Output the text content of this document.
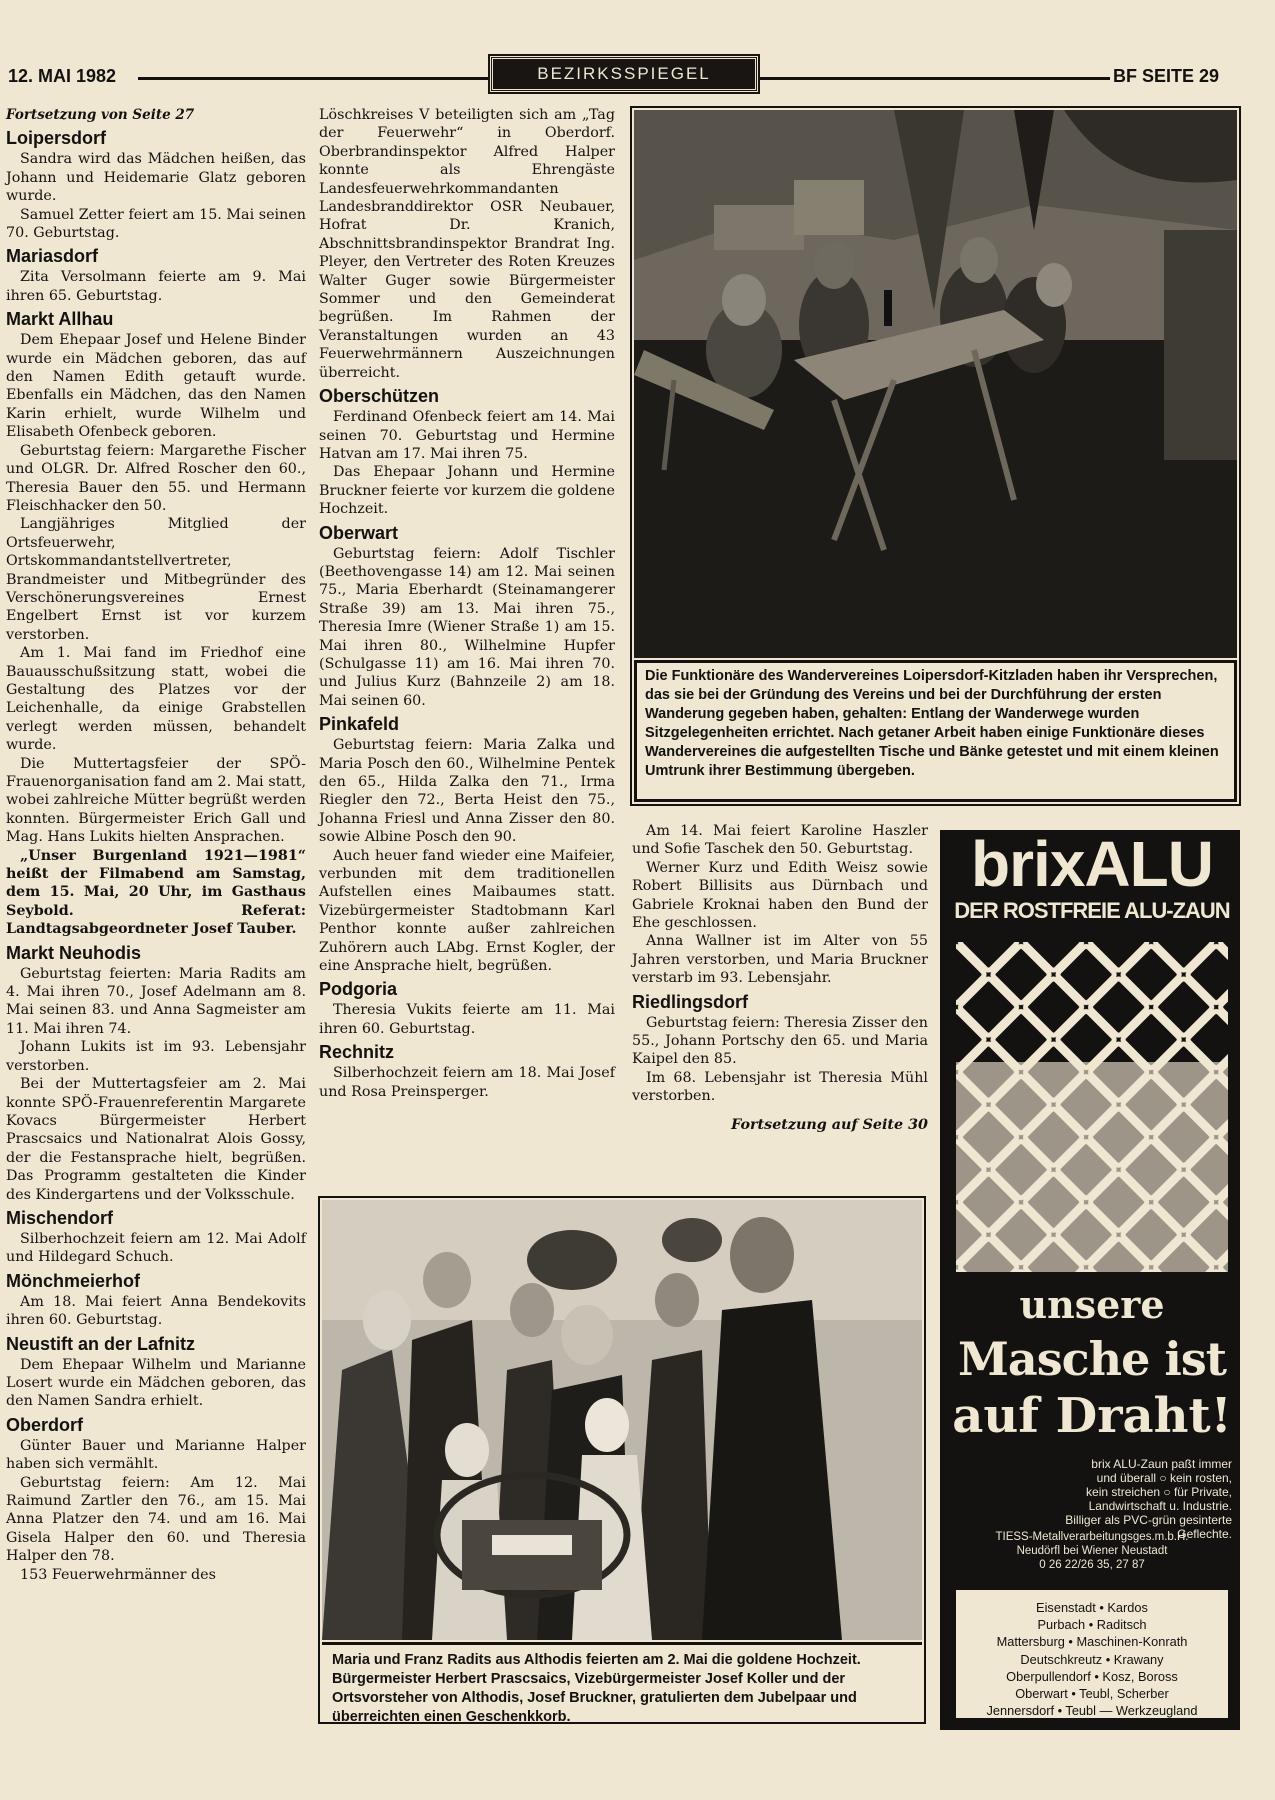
12. MAI 1982	BEZIRKSSPIEGEL	BF SEITE 29

Fortsetzung von Seite 27

Loipersdorf

Sandra wird das Mädchen heißen, das Johann und Heidemarie Glatz geboren wurde.

Samuel Zetter feiert am 15. Mai seinen 70. Geburtstag.

Mariasdorf

Zita Versolmann feierte am 9. Mai ihren 65. Geburtstag.

Markt Allhau

Dem Ehepaar Josef und Helene Binder wurde ein Mädchen geboren, das auf den Namen Edith getauft wurde. Ebenfalls ein Mädchen, das den Namen Karin erhielt, wurde Wilhelm und Elisabeth Ofenbeck geboren.

Geburtstag feiern: Margarethe Fischer und OLGR. Dr. Alfred Roscher den 60., Theresia Bauer den 55. und Hermann Fleischhacker den 50.

Langjähriges Mitglied der Ortsfeuerwehr, Ortskommandantstellvertreter, Brandmeister und Mitbegründer des Verschönerungsvereines Ernest Engelbert Ernst ist vor kurzem verstorben.

Am 1. Mai fand im Friedhof eine Bauausschußsitzung statt, wobei die Gestaltung des Platzes vor der Leichenhalle, da einige Grabstellen verlegt werden müssen, behandelt wurde.

Die Muttertagsfeier der SPÖ-Frauenorganisation fand am 2. Mai statt, wobei zahlreiche Mütter begrüßt werden konnten. Bürgermeister Erich Gall und Mag. Hans Lukits hielten Ansprachen.

„Unser Burgenland 1921—1981“ heißt der Filmabend am Samstag, dem 15. Mai, 20 Uhr, im Gasthaus Seybold. Referat: Landtagsabgeordneter Josef Tauber.

Markt Neuhodis

Geburtstag feierten: Maria Radits am 4. Mai ihren 70., Josef Adelmann am 8. Mai seinen 83. und Anna Sagmeister am 11. Mai ihren 74.

Johann Lukits ist im 93. Lebensjahr verstorben.

Bei der Muttertagsfeier am 2. Mai konnte SPÖ-Frauenreferentin Margarete Kovacs Bürgermeister Herbert Prascsaics und Nationalrat Alois Gossy, der die Festansprache hielt, begrüßen. Das Programm gestalteten die Kinder des Kindergartens und der Volksschule.

Mischendorf

Silberhochzeit feiern am 12. Mai Adolf und Hildegard Schuch.

Mönchmeierhof

Am 18. Mai feiert Anna Bendekovits ihren 60. Geburtstag.

Neustift an der Lafnitz

Dem Ehepaar Wilhelm und Marianne Losert wurde ein Mädchen geboren, das den Namen Sandra erhielt.

Oberdorf

Günter Bauer und Marianne Halper haben sich vermählt.

Geburtstag feiern: Am 12. Mai Raimund Zartler den 76., am 15. Mai Anna Platzer den 74. und am 16. Mai Gisela Halper den 60. und Theresia Halper den 78.

153 Feuerwehrmänner des

Löschkreises V beteiligten sich am „Tag der Feuerwehr“ in Oberdorf. Oberbrandinspektor Alfred Halper konnte als Ehrengäste Landesfeuerwehrkommandanten Landesbranddirektor OSR Neubauer, Hofrat Dr. Kranich, Abschnittsbrandinspektor Brandrat Ing. Pleyer, den Vertreter des Roten Kreuzes Walter Guger sowie Bürgermeister Sommer und den Gemeinderat begrüßen. Im Rahmen der Veranstaltungen wurden an 43 Feuerwehrmännern Auszeichnungen überreicht.

Oberschützen

Ferdinand Ofenbeck feiert am 14. Mai seinen 70. Geburtstag und Hermine Hatvan am 17. Mai ihren 75.

Das Ehepaar Johann und Hermine Bruckner feierte vor kurzem die goldene Hochzeit.

Oberwart

Geburtstag feiern: Adolf Tischler (Beethovengasse 14) am 12. Mai seinen 75., Maria Eberhardt (Steinamangerer Straße 39) am 13. Mai ihren 75., Theresia Imre (Wiener Straße 1) am 15. Mai ihren 80., Wilhelmine Hupfer (Schulgasse 11) am 16. Mai ihren 70. und Julius Kurz (Bahnzeile 2) am 18. Mai seinen 60.

Pinkafeld

Geburtstag feiern: Maria Zalka und Maria Posch den 60., Wilhelmine Pentek den 65., Hilda Zalka den 71., Irma Riegler den 72., Berta Heist den 75., Johanna Friesl und Anna Zisser den 80. sowie Albine Posch den 90.

Auch heuer fand wieder eine Maifeier, verbunden mit dem traditionellen Aufstellen eines Maibaumes statt. Vizebürgermeister Stadtobmann Karl Penthor konnte außer zahlreichen Zuhörern auch LAbg. Ernst Kogler, der eine Ansprache hielt, begrüßen.

Podgoria

Theresia Vukits feierte am 11. Mai ihren 60. Geburtstag.

Rechnitz

Silberhochzeit feiern am 18. Mai Josef und Rosa Preinsperger.

Die Funktionäre des Wandervereines Loipersdorf-Kitzladen haben ihr Versprechen, das sie bei der Gründung des Vereins und bei der Durchführung der ersten Wanderung gegeben haben, gehalten: Entlang der Wanderwege wurden Sitzgelegenheiten errichtet. Nach getaner Arbeit haben einige Funktionäre dieses Wandervereines die aufgestellten Tische und Bänke getestet und mit einem kleinen Umtrunk ihrer Bestimmung übergeben.

Am 14. Mai feiert Karoline Haszler und Sofie Taschek den 50. Geburtstag.

Werner Kurz und Edith Weisz sowie Robert Billisits aus Dürnbach und Gabriele Kroknai haben den Bund der Ehe geschlossen.

Anna Wallner ist im Alter von 55 Jahren verstorben, und Maria Bruckner verstarb im 93. Lebensjahr.

Riedlingsdorf

Geburtstag feiern: Theresia Zisser den 55., Johann Portschy den 65. und Maria Kaipel den 85.

Im 68. Lebensjahr ist Theresia Mühl verstorben.

Fortsetzung auf Seite 30

Maria und Franz Radits aus Althodis feierten am 2. Mai die goldene Hochzeit. Bürgermeister Herbert Prascsaics, Vizebürgermeister Josef Koller und der Ortsvorsteher von Althodis, Josef Bruckner, gratulierten dem Jubelpaar und überreichten einen Geschenkkorb.
brixALU
DER ROSTFREIE ALU-ZAUN
unsere
Masche ist
auf Draht!
brix ALU-Zaun paßt immer
und überall ○ kein rosten,
kein streichen ○ für Private,
Landwirtschaft u. Industrie.
Billiger als PVC-grün gesinterte Geflechte.
TIESS-Metallverarbeitungsges.m.b.H.
Neudörfl bei Wiener Neustadt
0 26 22/26 35, 27 87
Eisenstadt • Kardos
Purbach • Raditsch
Mattersburg • Maschinen-Konrath
Deutschkreutz • Krawany
Oberpullendorf • Kosz, Boross
Oberwart • Teubl, Scherber
Jennersdorf • Teubl — Werkzeugland
